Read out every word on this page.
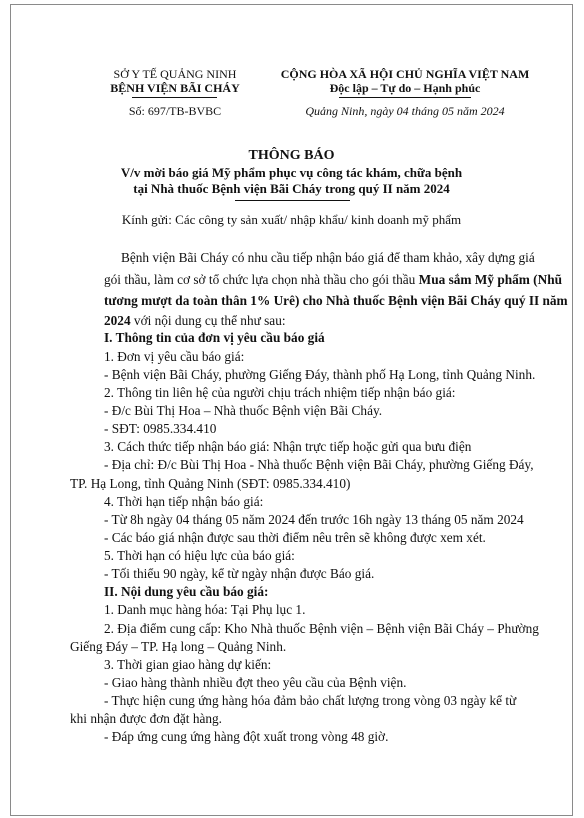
SỞ Y TẾ QUẢNG NINH
BỆNH VIỆN BÃI CHÁY
Số: 697/TB-BVBC
CỘNG HÒA XÃ HỘI CHỦ NGHĨA VIỆT NAM
Độc lập – Tự do – Hạnh phúc
Quảng Ninh, ngày 04 tháng 05 năm 2024
THÔNG BÁO
V/v mời báo giá Mỹ phẩm phục vụ công tác khám, chữa bệnh
tại Nhà thuốc Bệnh viện Bãi Cháy trong quý II năm 2024
Kính gửi: Các công ty sản xuất/ nhập khẩu/ kinh doanh mỹ phẩm
Bệnh viện Bãi Cháy có nhu cầu tiếp nhận báo giá để tham khảo, xây dựng giá
gói thầu, làm cơ sở tổ chức lựa chọn nhà thầu cho gói thầu Mua sắm Mỹ phẩm (Nhũ
tương mượt da toàn thân 1% Urê) cho Nhà thuốc Bệnh viện Bãi Cháy quý II năm
2024 với nội dung cụ thể như sau:
I. Thông tin của đơn vị yêu cầu báo giá
1. Đơn vị yêu cầu báo giá:
- Bệnh viện Bãi Cháy, phường Giếng Đáy, thành phố Hạ Long, tỉnh Quảng Ninh.
2. Thông tin liên hệ của người chịu trách nhiệm tiếp nhận báo giá:
- Đ/c Bùi Thị Hoa – Nhà thuốc Bệnh viện Bãi Cháy.
- SĐT: 0985.334.410
3. Cách thức tiếp nhận báo giá: Nhận trực tiếp hoặc gửi qua bưu điện
- Địa chỉ: Đ/c Bùi Thị Hoa - Nhà thuốc Bệnh viện Bãi Cháy, phường Giếng Đáy,
TP. Hạ Long, tỉnh Quảng Ninh (SĐT: 0985.334.410)
4. Thời hạn tiếp nhận báo giá:
- Từ 8h ngày 04 tháng 05 năm 2024 đến trước 16h ngày 13 tháng 05 năm 2024
- Các báo giá nhận được sau thời điểm nêu trên sẽ không được xem xét.
5. Thời hạn có hiệu lực của báo giá:
- Tối thiểu 90 ngày, kể từ ngày nhận được Báo giá.
II. Nội dung yêu cầu báo giá:
1. Danh mục hàng hóa: Tại Phụ lục 1.
2. Địa điểm cung cấp: Kho Nhà thuốc Bệnh viện – Bệnh viện Bãi Cháy – Phường
Giếng Đáy – TP. Hạ long – Quảng Ninh.
3. Thời gian giao hàng dự kiến:
- Giao hàng thành nhiều đợt theo yêu cầu của Bệnh viện.
- Thực hiện cung ứng hàng hóa đảm bảo chất lượng trong vòng 03 ngày kể từ
khi nhận được đơn đặt hàng.
- Đáp ứng cung ứng hàng đột xuất trong vòng 48 giờ.
